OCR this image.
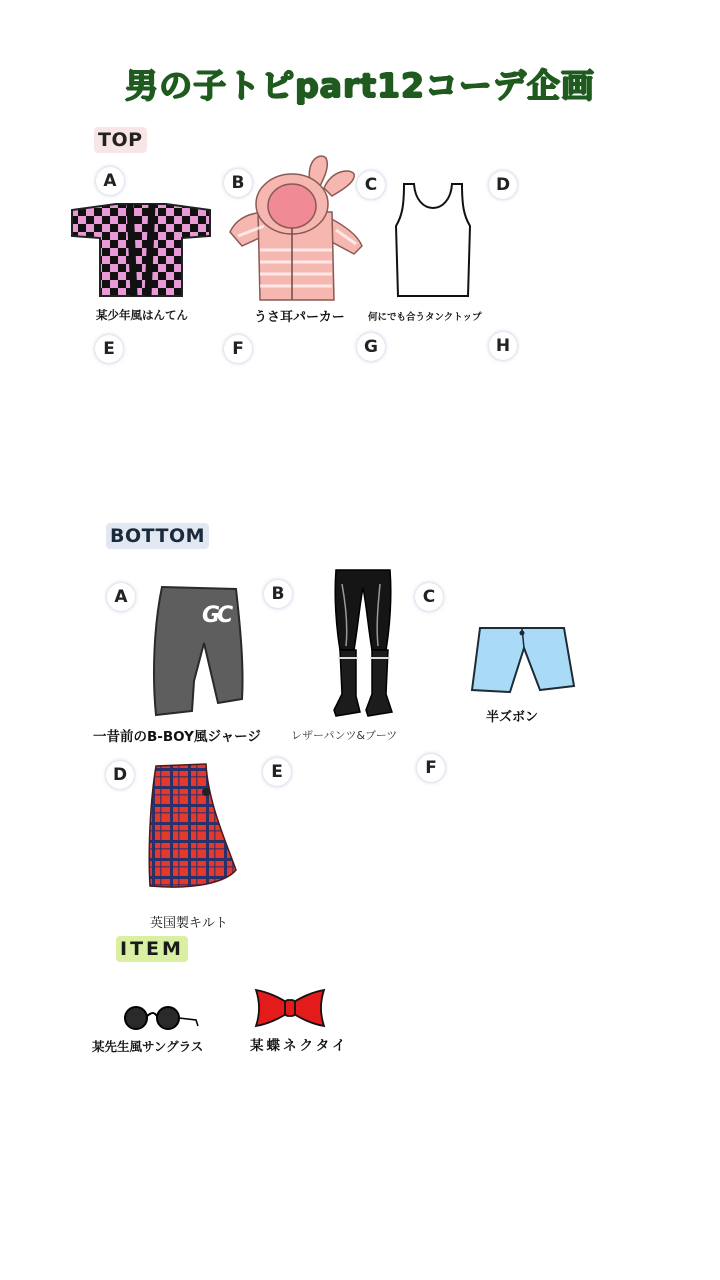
男の子トピpart12コーデ企画
TOP
BOTTOM
ITEM
A	B	C	D
E	F	G	H
某少年風はんてん	うさ耳パーカー 何にでも合うタンクトップ
A	B	C
D	E	F
GC
一昔前のB-BOY風ジャージ	レザーパンツ&ブーツ
半ズボン
英国製キルト
某先生風サングラス	某蝶ネクタイ
